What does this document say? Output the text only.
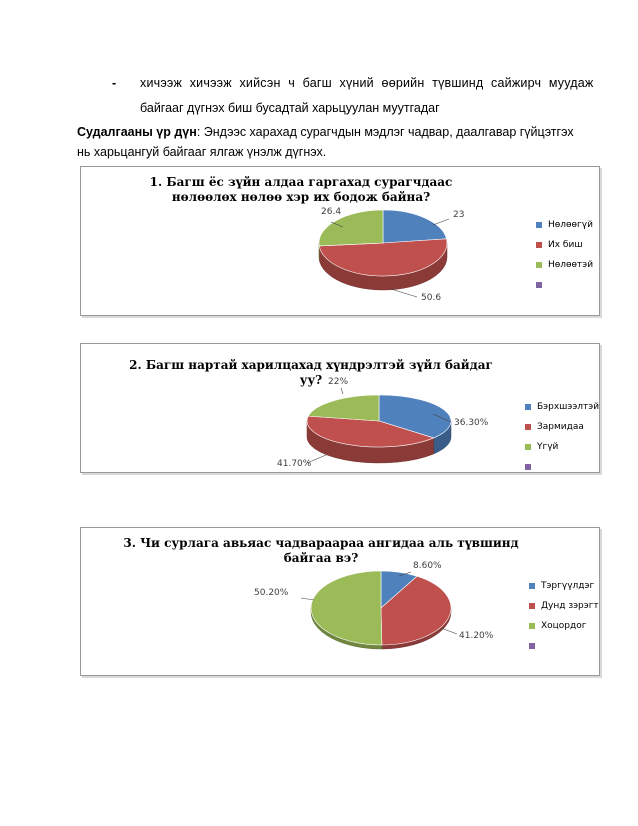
- хичээж хичээж хийсэн ч багш хүний өөрийн түвшинд сайжирч муудаж
байгааг дүгнэх биш бусадтай харьцуулан муутгадаг
Судалгааны үр дүн: Эндээс харахад сурагчдын мэдлэг чадвар, даалгавар гүйцэтгэх нь харьцангуй байгааг ялгаж үнэлж дүгнэх.
1. Багш ёс зүйн алдаа гаргахад сурагчдаас нөлөөлөх нөлөө хэр их бодож байна?
23
50.6
26.4
Нөлөөгүй
Их биш
Нөлөөтэй
2. Багш нартай харилцахад хүндрэлтэй зүйл байдаг уу?
36.30%
41.70%
22%
Бэрхшээлтэй
Зармидаа
Үгүй
3. Чи сурлага авьяас чадвараараа ангидаа аль түвшинд байгаа вэ?
8.60%
41.20%
50.20%
Тэргүүлдэг
Дунд зэрэгт
Хоцордог
